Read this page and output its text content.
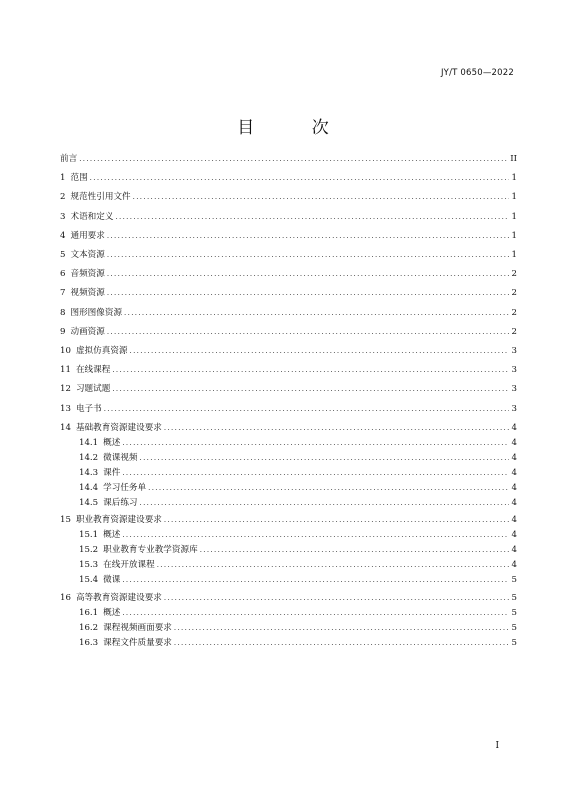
JY/T 0650—2022
目 次
前言 .....	II
1 范围 .....	1
2 规范性引用文件 .....	1
3 术语和定义 .....	1
4 通用要求 .....	1
5 文本资源 .....	1
6 音频资源 .....	2
7 视频资源 .....	2
8 图形图像资源 .....	2
9 动画资源 .....	2
10 虚拟仿真资源 .....	3
11 在线课程 .....	3
12 习题试题 .....	3
13 电子书 .....	3
14 基础教育资源建设要求 .....	4
14.1 概述 .....	4
14.2 微课视频 .....	4
14.3 课件 .....	4
14.4 学习任务单 .....	4
14.5 课后练习 .....	4
15 职业教育资源建设要求 .....	4
15.1 概述 .....	4
15.2 职业教育专业教学资源库 .....	4
15.3 在线开放课程 .....	4
15.4 微课 .....	5
16 高等教育资源建设要求 .....	5
16.1 概述 .....	5
16.2 课程视频画面要求 .....	5
16.3 课程文件质量要求 .....	5
I
